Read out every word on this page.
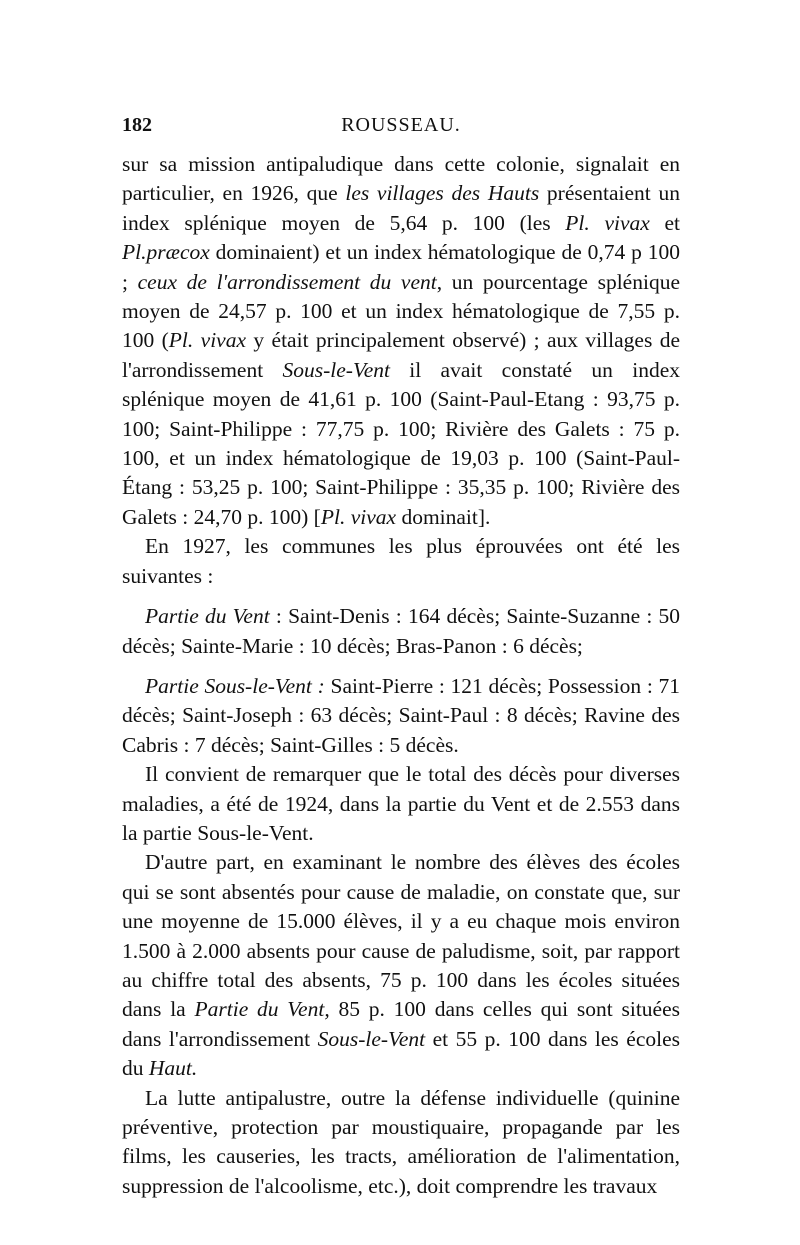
182	ROUSSEAU.

sur sa mission antipaludique dans cette colonie, signalait en particulier, en 1926, que les villages des Hauts présentaient un index splénique moyen de 5,64 p. 100 (les Pl. vivax et Pl.præcox dominaient) et un index hématologique de 0,74 p 100 ; ceux de l'arrondissement du vent, un pourcentage splénique moyen de 24,57 p. 100 et un index hématologique de 7,55 p. 100 (Pl. vivax y était principalement observé) ; aux villages de l'arrondissement Sous-le-Vent il avait constaté un index splénique moyen de 41,61 p. 100 (Saint-Paul-Etang : 93,75 p. 100; Saint-Philippe : 77,75 p. 100; Rivière des Galets : 75 p. 100, et un index hématologique de 19,03 p. 100 (Saint-Paul-Étang : 53,25 p. 100; Saint-Philippe : 35,35 p. 100; Rivière des Galets : 24,70 p. 100) [Pl. vivax dominait].

En 1927, les communes les plus éprouvées ont été les suivantes :

Partie du Vent : Saint-Denis : 164 décès; Sainte-Suzanne : 50 décès; Sainte-Marie : 10 décès; Bras-Panon : 6 décès;

Partie Sous-le-Vent : Saint-Pierre : 121 décès; Possession : 71 décès; Saint-Joseph : 63 décès; Saint-Paul : 8 décès; Ravine des Cabris : 7 décès; Saint-Gilles : 5 décès.

Il convient de remarquer que le total des décès pour diverses maladies, a été de 1924, dans la partie du Vent et de 2.553 dans la partie Sous-le-Vent.

D'autre part, en examinant le nombre des élèves des écoles qui se sont absentés pour cause de maladie, on constate que, sur une moyenne de 15.000 élèves, il y a eu chaque mois environ 1.500 à 2.000 absents pour cause de paludisme, soit, par rapport au chiffre total des absents, 75 p. 100 dans les écoles situées dans la Partie du Vent, 85 p. 100 dans celles qui sont situées dans l'arrondissement Sous-le-Vent et 55 p. 100 dans les écoles du Haut.

La lutte antipalustre, outre la défense individuelle (quinine préventive, protection par moustiquaire, propagande par les films, les causeries, les tracts, amélioration de l'alimentation, suppression de l'alcoolisme, etc.), doit comprendre les travaux
